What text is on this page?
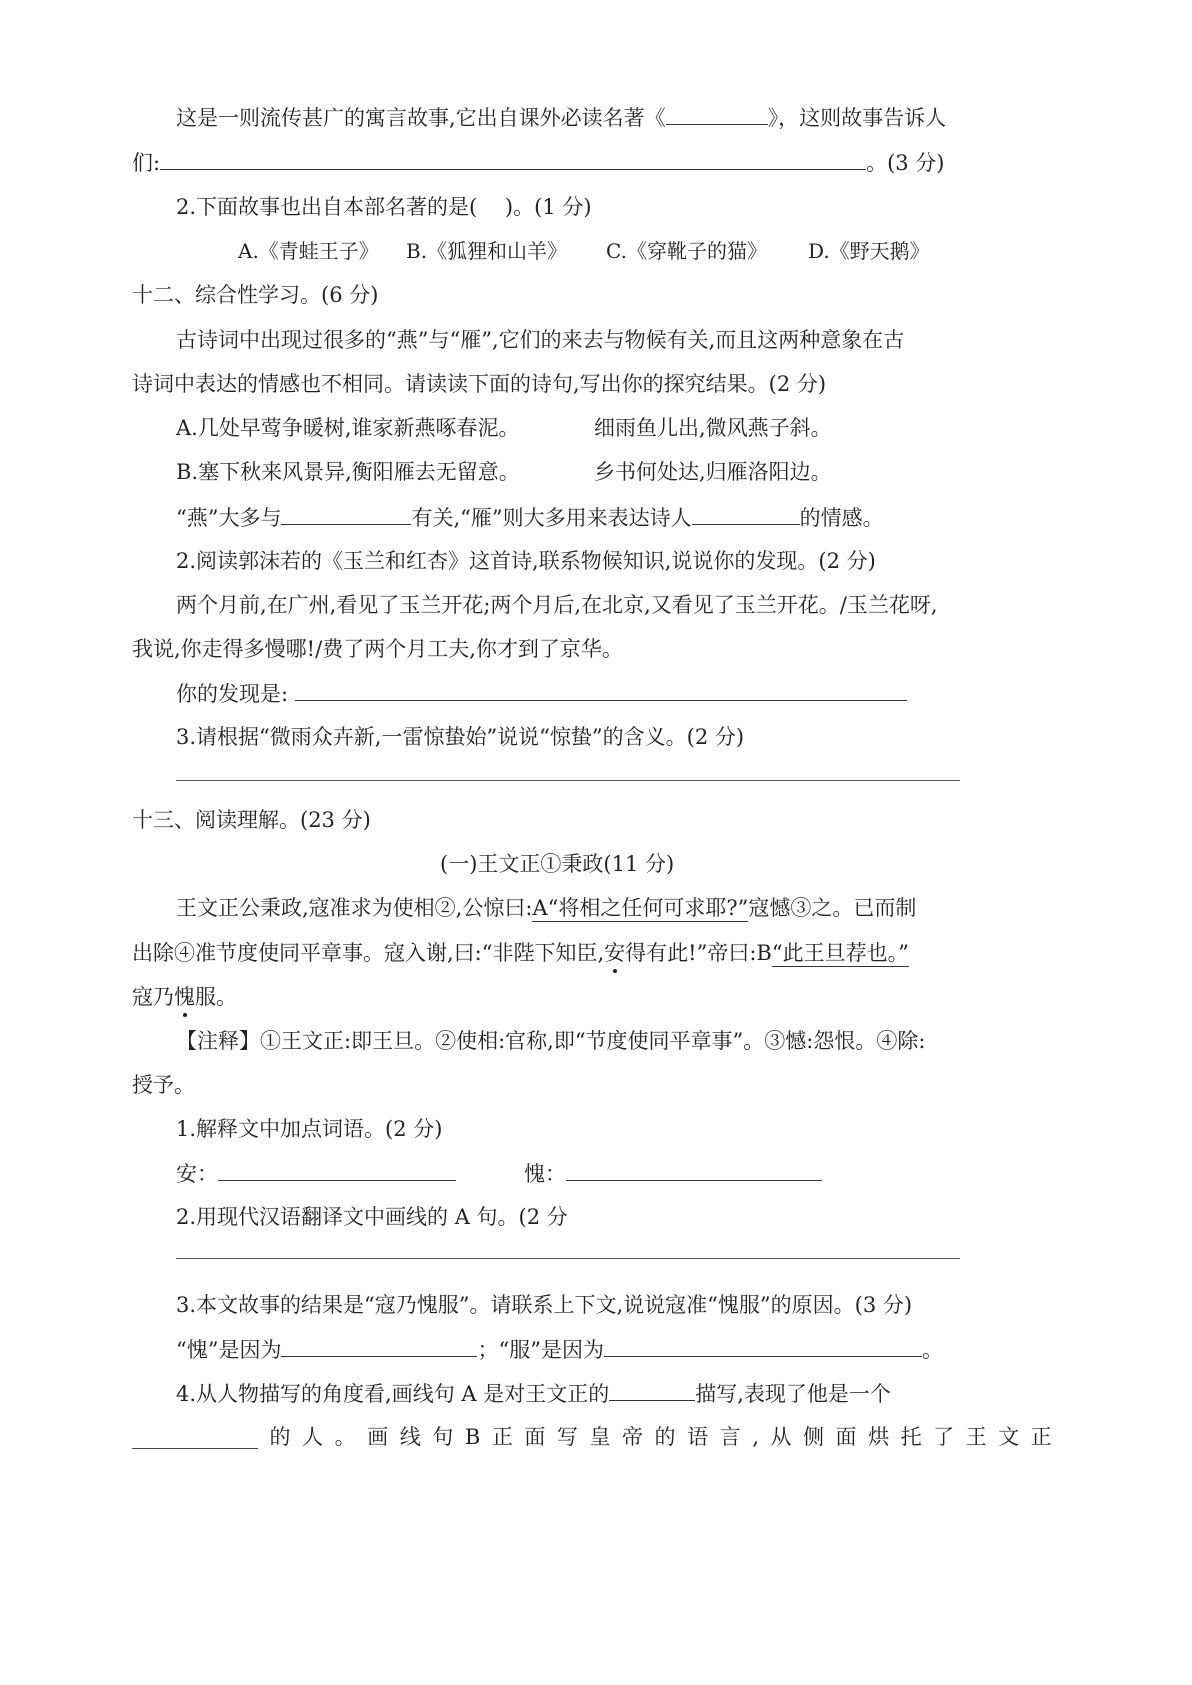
这是一则流传甚广的寓言故事,它出自课外必读名著《	》，这则故事告诉人
们:	。(3 分)
2.下面故事也出自本部名著的是(　 )。(1 分)
A.《青蛙王子》 B.《狐狸和山羊》 C.《穿靴子的猫》 D.《野天鹅》
十二、综合性学习。(6 分)
古诗词中出现过很多的“燕”与“雁”,它们的来去与物候有关,而且这两种意象在古
诗词中表达的情感也不相同。请读读下面的诗句,写出你的探究结果。(2 分)
A.几处早莺争暖树,谁家新燕啄春泥。	细雨鱼儿出,微风燕子斜。
B.塞下秋来风景异,衡阳雁去无留意。	乡书何处达,归雁洛阳边。
“燕”大多与	有关,“雁”则大多用来表达诗人	的情感。
2.阅读郭沫若的《玉兰和红杏》这首诗,联系物候知识,说说你的发现。(2 分)
两个月前,在广州,看见了玉兰开花;两个月后,在北京,又看见了玉兰开花。/玉兰花呀,
我说,你走得多慢哪!/费了两个月工夫,你才到了京华。
你的发现是:
3.请根据“微雨众卉新,一雷惊蛰始”说说“惊蛰”的含义。(2 分)
十三、阅读理解。(23 分)
(一)王文正①秉政(11 分)
王文正公秉政,寇准求为使相②,公惊曰:A“将相之任何可求耶?”寇憾③之。已而制
出除④准节度使同平章事。寇入谢,曰:“非陛下知臣,安得有此!”帝曰:B“此王旦荐也。”
寇乃愧服。
【注释】①王文正:即王旦。②使相:官称,即“节度使同平章事”。③憾:怨恨。④除:
授予。
1.解释文中加点词语。(2 分)
安：	愧：
2.用现代汉语翻译文中画线的 A 句。(2 分
3.本文故事的结果是“寇乃愧服”。请联系上下文,说说寇准“愧服”的原因。(3 分)
“愧”是因为	；“服”是因为	。
4.从人物描写的角度看,画线句 A 是对王文正的	描写,表现了他是一个
____________ 的 人 。 画 线 句 B 正 面 写 皇 帝 的 语 言 , 从 侧 面 烘 托 了 王 文 正
